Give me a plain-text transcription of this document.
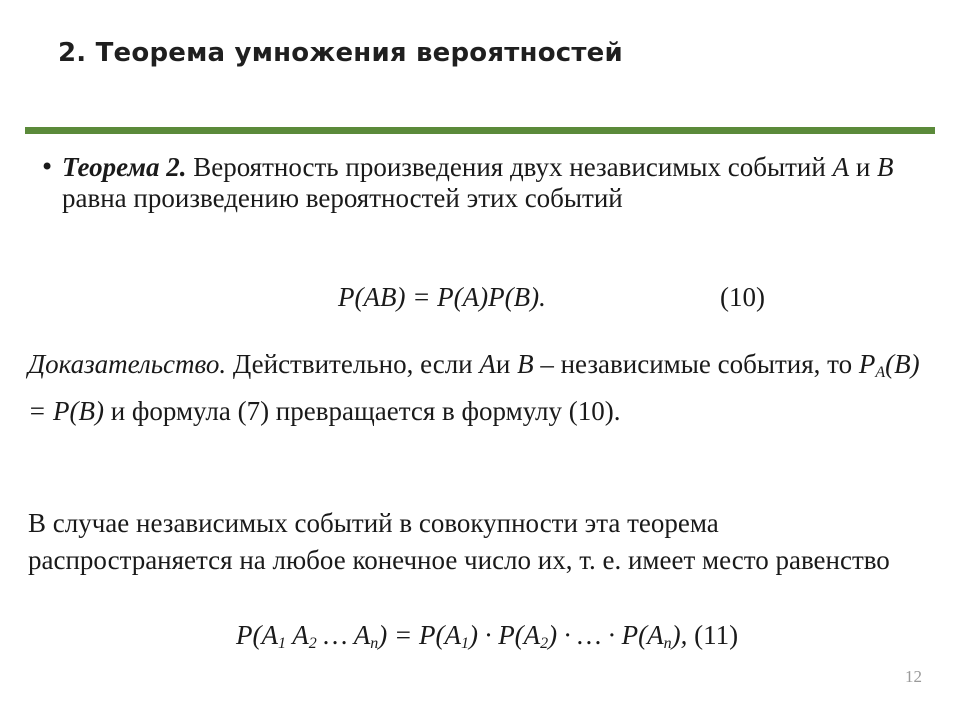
2. Теорема умножения вероятностей
• Теорема 2. Вероятность произведения двух независимых событий A и B равна произведению вероятностей этих событий
P(AB) = P(A)P(B).	(10)
Доказательство. Действительно, если Aи B – независимые события, то $P_A(B) = P(B)$ и формула (7) превращается в формулу (10).
В случае независимых событий в совокупности эта теорема распространяется на любое конечное число их, т. е. имеет место равенство
$P(A_1$ $A_2$ … $A_n) = P(A_1) \cdot P(A_2)$ · … · $P(A_n)$, (11)
12
